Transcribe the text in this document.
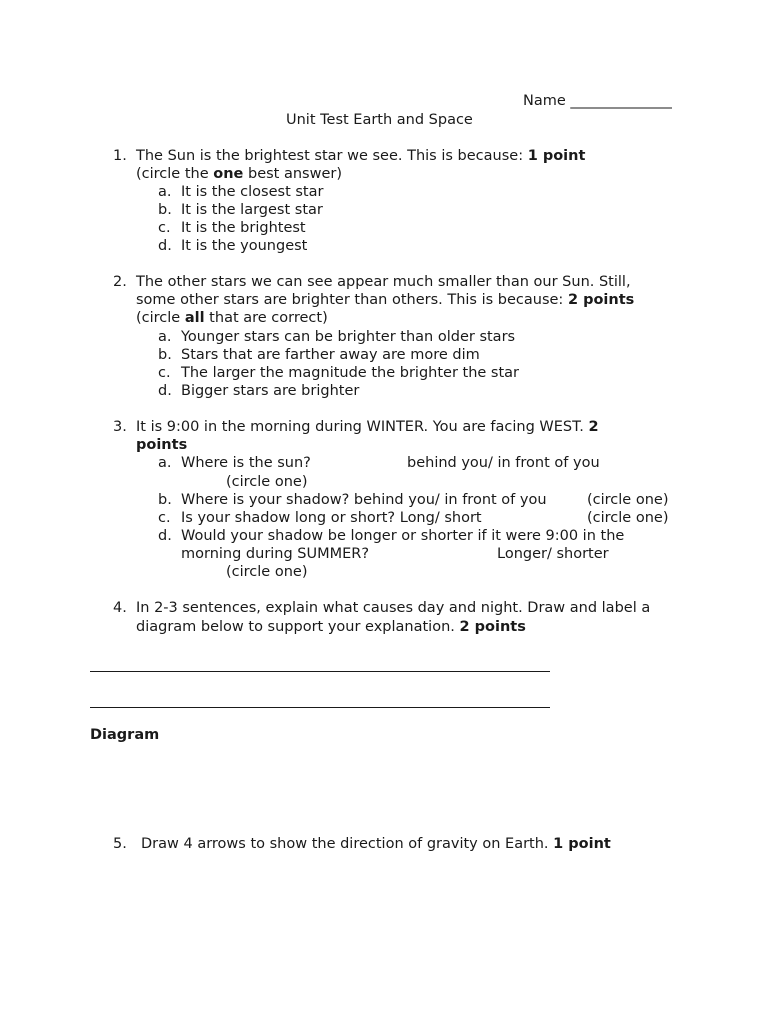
Name ______________
Unit Test Earth and Space
1. The Sun is the brightest star we see. This is because: 1 point
(circle the one best answer)
a. It is the closest star
b. It is the largest star
c. It is the brightest
d. It is the youngest
2. The other stars we can see appear much smaller than our Sun. Still,
some other stars are brighter than others. This is because: 2 points
(circle all that are correct)
a. Younger stars can be brighter than older stars
b. Stars that are farther away are more dim
c. The larger the magnitude the brighter the star
d. Bigger stars are brighter
3. It is 9:00 in the morning during WINTER. You are facing WEST. 2
points
a. Where is the sun?	behind you/ in front of you
(circle one)
b. Where is your shadow? behind you/ in front of you	(circle one)
c. Is your shadow long or short? Long/ short	(circle one)
d. Would your shadow be longer or shorter if it were 9:00 in the
morning during SUMMER?	Longer/ shorter
(circle one)
4. In 2-3 sentences, explain what causes day and night. Draw and label a
diagram below to support your explanation. 2 points
Diagram
5. Draw 4 arrows to show the direction of gravity on Earth. 1 point
